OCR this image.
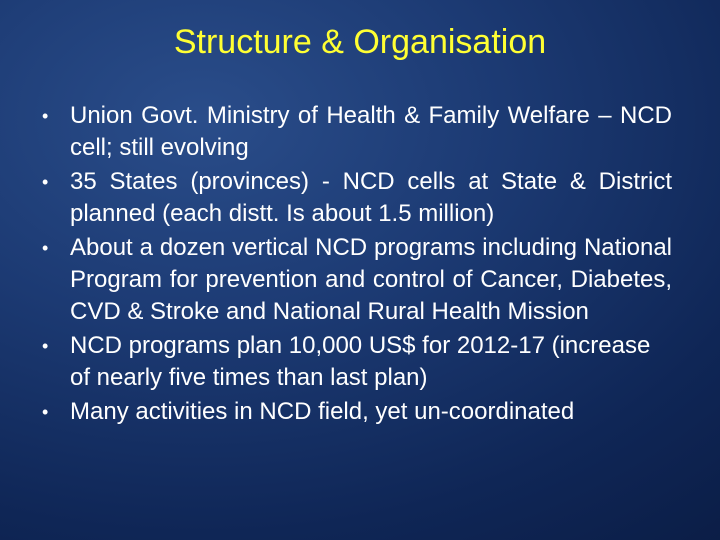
Structure & Organisation
• Union Govt. Ministry of Health & Family Welfare – NCD cell; still evolving
• 35 States (provinces) - NCD cells at State & District planned (each distt. Is about 1.5 million)
• About a dozen vertical NCD programs including National Program for prevention and control of Cancer, Diabetes, CVD & Stroke and National Rural Health Mission
• NCD programs plan 10,000 US$ for 2012-17 (increase of nearly five times than last plan)
• Many activities in NCD field, yet un-coordinated
